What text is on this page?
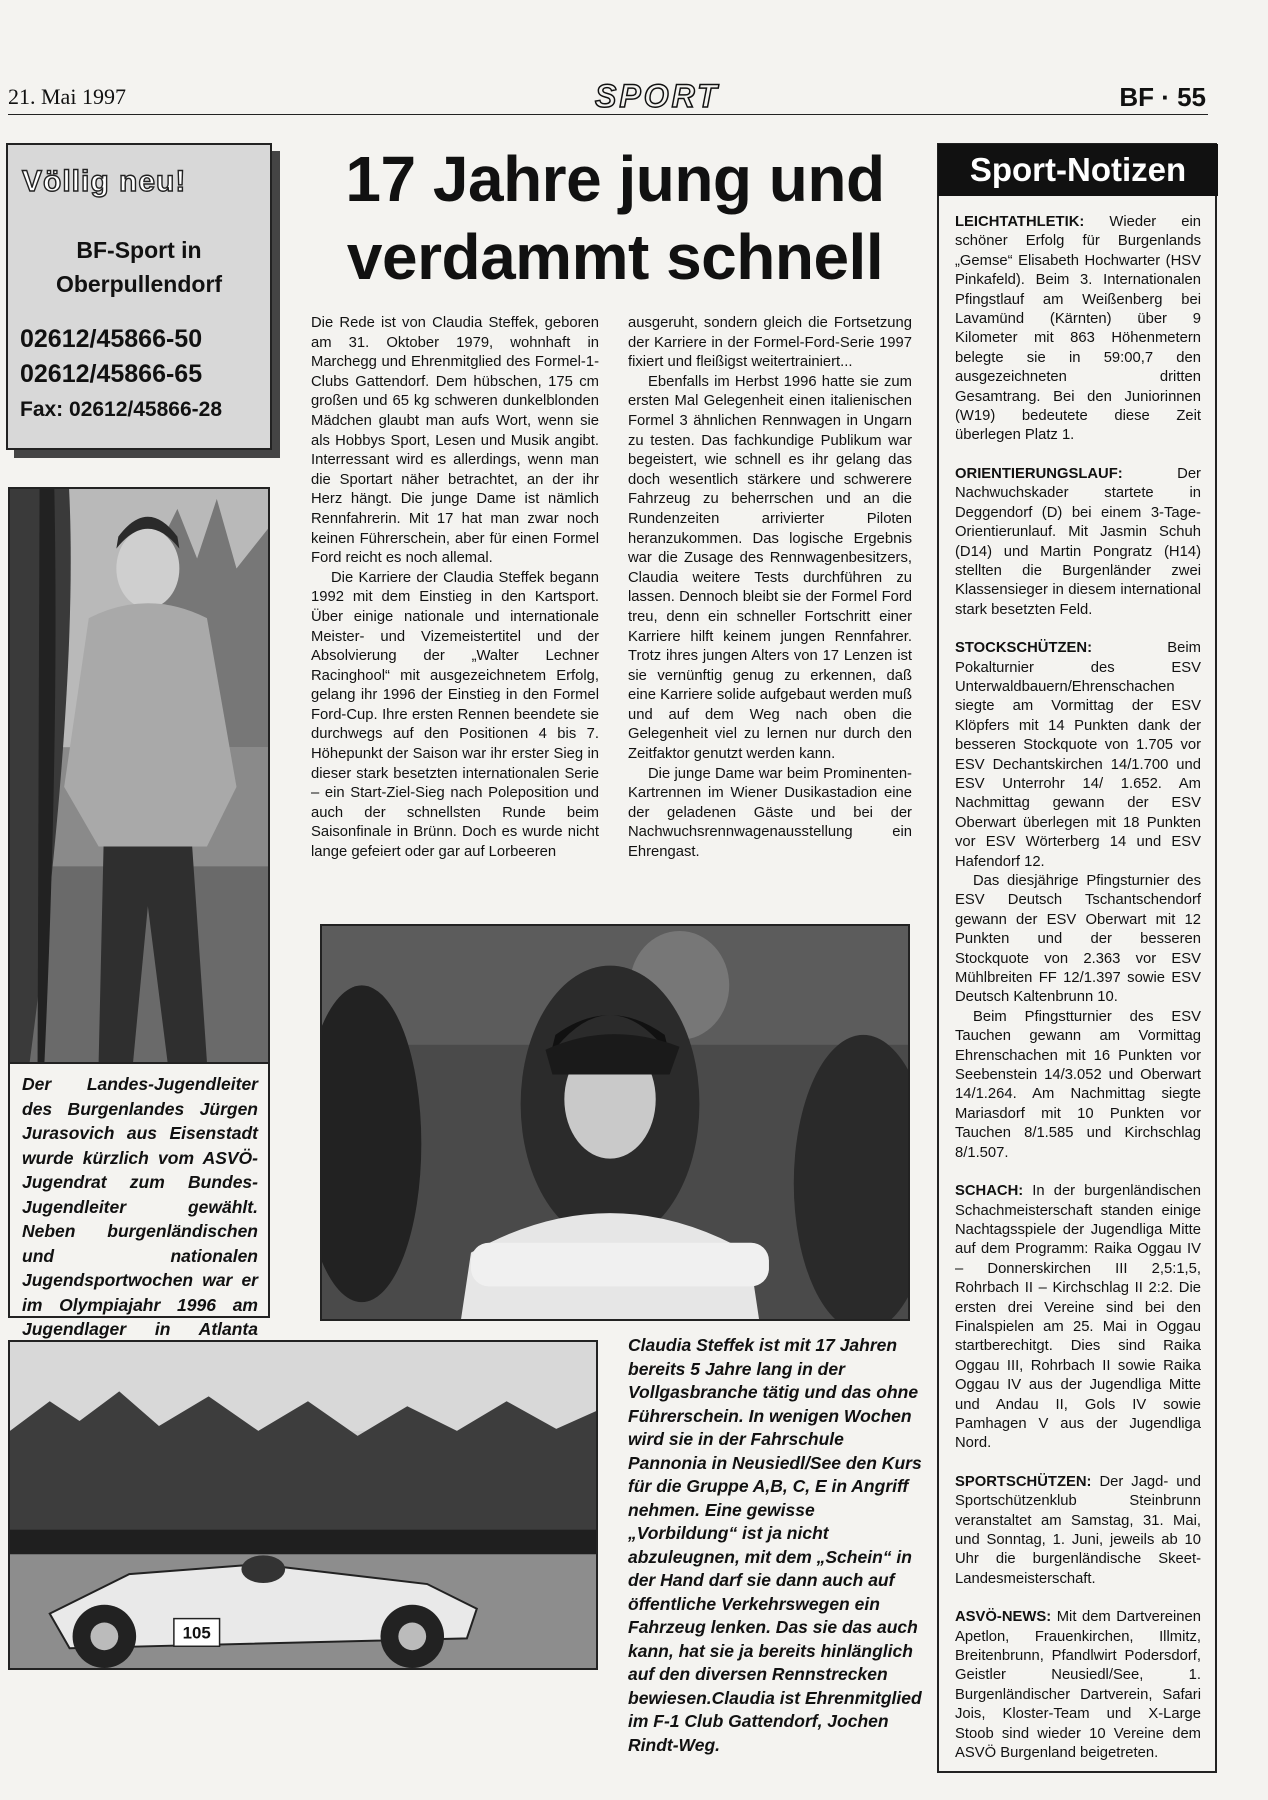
21. Mai 1997	SPORT	BF · 55
Völlig neu!
BF-Sport in
Oberpullendorf
02612/45866-50
02612/45866-65
Fax: 02612/45866-28
Der Landes-Jugendleiter des Burgenlandes Jürgen Jurasovich aus Eisenstadt wurde kürzlich vom ASVÖ-Jugendrat zum Bundes-Jugendleiter gewählt. Neben burgenländischen und nationalen Jugendsportwochen war er im Olympiajahr 1996 am Jugendlager in Atlanta
17 Jahre jung und
verdammt schnell

Die Rede ist von Claudia Steffek, geboren am 31. Oktober 1979, wohnhaft in Marchegg und Ehrenmitglied des Formel-1-Clubs Gattendorf. Dem hübschen, 175 cm großen und 65 kg schweren dunkelblonden Mädchen glaubt man aufs Wort, wenn sie als Hobbys Sport, Lesen und Musik angibt. Interressant wird es allerdings, wenn man die Sportart näher betrachtet, an der ihr Herz hängt. Die junge Dame ist nämlich Rennfahrerin. Mit 17 hat man zwar noch keinen Führerschein, aber für einen Formel Ford reicht es noch allemal.

Die Karriere der Claudia Steffek begann 1992 mit dem Einstieg in den Kartsport. Über einige nationale und internationale Meister- und Vizemeistertitel und der Absolvierung der „Walter Lechner Racinghool“ mit ausgezeichnetem Erfolg, gelang ihr 1996 der Einstieg in den Formel Ford-Cup. Ihre ersten Rennen beendete sie durchwegs auf den Positionen 4 bis 7. Höhepunkt der Saison war ihr erster Sieg in dieser stark besetzten internationalen Serie – ein Start-Ziel-Sieg nach Poleposition und auch der schnellsten Runde beim Saisonfinale in Brünn. Doch es wurde nicht lange gefeiert oder gar auf Lorbeeren

ausgeruht, sondern gleich die Fortsetzung der Karriere in der Formel-Ford-Serie 1997 fixiert und fleißigst weitertrainiert...

Ebenfalls im Herbst 1996 hatte sie zum ersten Mal Gelegenheit einen italienischen Formel 3 ähnlichen Rennwagen in Ungarn zu testen. Das fachkundige Publikum war begeistert, wie schnell es ihr gelang das doch wesentlich stärkere und schwerere Fahrzeug zu beherrschen und an die Rundenzeiten arrivierter Piloten heranzukommen. Das logische Ergebnis war die Zusage des Rennwagenbesitzers, Claudia weitere Tests durchführen zu lassen. Dennoch bleibt sie der Formel Ford treu, denn ein schneller Fortschritt einer Karriere hilft keinem jungen Rennfahrer. Trotz ihres jungen Alters von 17 Lenzen ist sie vernünftig genug zu erkennen, daß eine Karriere solide aufgebaut werden muß und auf dem Weg nach oben die Gelegenheit viel zu lernen nur durch den Zeitfaktor genutzt werden kann.

Die junge Dame war beim Prominenten-Kartrennen im Wiener Dusikastadion eine der geladenen Gäste und bei der Nachwuchsrennwagenausstellung ein Ehrengast.

105
Claudia Steffek ist mit 17 Jahren bereits 5 Jahre lang in der Vollgasbranche tätig und das ohne Führerschein. In wenigen Wochen wird sie in der Fahrschule Pannonia in Neusiedl/See den Kurs für die Gruppe A,B, C, E in Angriff nehmen. Eine gewisse „Vorbildung“ ist ja nicht abzuleugnen, mit dem „Schein“ in der Hand darf sie dann auch auf öffentliche Verkehrswegen ein Fahrzeug lenken. Das sie das auch kann, hat sie ja bereits hinlänglich auf den diversen Rennstrecken bewiesen.Claudia ist Ehrenmitglied im F-1 Club Gattendorf, Jochen Rindt-Weg.
Sport-Notizen

LEICHTATHLETIK: Wieder ein schöner Erfolg für Burgenlands „Gemse“ Elisabeth Hochwarter (HSV Pinkafeld). Beim 3. Internationalen Pfingstlauf am Weißenberg bei Lavamünd (Kärnten) über 9 Kilometer mit 863 Höhenmetern belegte sie in 59:00,7 den ausgezeichneten dritten Gesamtrang. Bei den Juniorinnen (W19) bedeutete diese Zeit überlegen Platz 1.

ORIENTIERUNGSLAUF: Der Nachwuchskader startete in Deggendorf (D) bei einem 3-Tage-Orientierunlauf. Mit Jasmin Schuh (D14) und Martin Pongratz (H14) stellten die Burgenländer zwei Klassensieger in diesem international stark besetzten Feld.

STOCKSCHÜTZEN: Beim Pokalturnier des ESV Unterwaldbauern/Ehrenschachen siegte am Vormittag der ESV Klöpfers mit 14 Punkten dank der besseren Stockquote von 1.705 vor ESV Dechantskirchen 14/1.700 und ESV Unterrohr 14/ 1.652. Am Nachmittag gewann der ESV Oberwart überlegen mit 18 Punkten vor ESV Wörterberg 14 und ESV Hafendorf 12.

Das diesjährige Pfingsturnier des ESV Deutsch Tschantschendorf gewann der ESV Oberwart mit 12 Punkten und der besseren Stockquote von 2.363 vor ESV Mühlbreiten FF 12/1.397 sowie ESV Deutsch Kaltenbrunn 10.

Beim Pfingstturnier des ESV Tauchen gewann am Vormittag Ehrenschachen mit 16 Punkten vor Seebenstein 14/3.052 und Oberwart 14/1.264. Am Nachmittag siegte Mariasdorf mit 10 Punkten vor Tauchen 8/1.585 und Kirchschlag 8/1.507.

SCHACH: In der burgenländischen Schachmeisterschaft standen einige Nachtagsspiele der Jugendliga Mitte auf dem Programm: Raika Oggau IV – Donnerskirchen III 2,5:1,5, Rohrbach II – Kirchschlag II 2:2. Die ersten drei Vereine sind bei den Finalspielen am 25. Mai in Oggau startberechitgt. Dies sind Raika Oggau III, Rohrbach II sowie Raika Oggau IV aus der Jugendliga Mitte und Andau II, Gols IV sowie Pamhagen V aus der Jugendliga Nord.

SPORTSCHÜTZEN: Der Jagd- und Sportschützenklub Steinbrunn veranstaltet am Samstag, 31. Mai, und Sonntag, 1. Juni, jeweils ab 10 Uhr die burgenländische Skeet-Landesmeisterschaft.

ASVÖ-NEWS: Mit dem Dartvereinen Apetlon, Frauenkirchen, Illmitz, Breitenbrunn, Pfandlwirt Podersdorf, Geistler Neusiedl/See, 1. Burgenländischer Dartverein, Safari Jois, Kloster-Team und X-Large Stoob sind wieder 10 Vereine dem ASVÖ Burgenland beigetreten.
